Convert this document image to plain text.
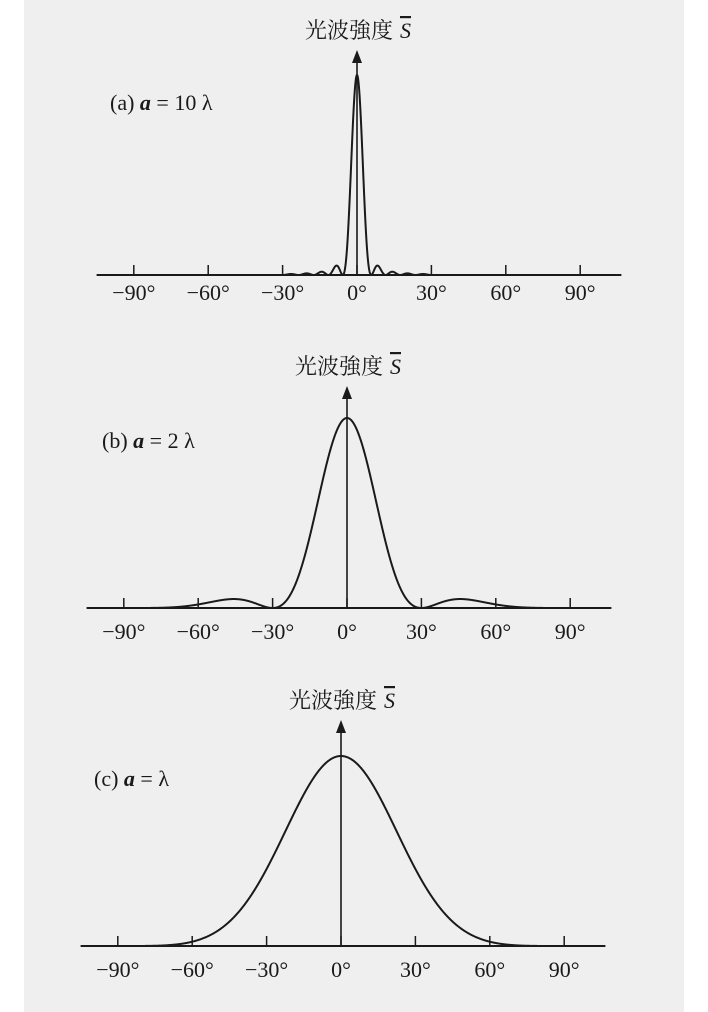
光波強度 S
(a) a = 10 λ
−90° −60° −30° 0° 30° 60° 90°
光波強度 S
(b) a = 2 λ
−90° −60° −30° 0° 30° 60° 90°
光波強度 S
(c) a = λ
−90° −60° −30° 0° 30° 60° 90°
